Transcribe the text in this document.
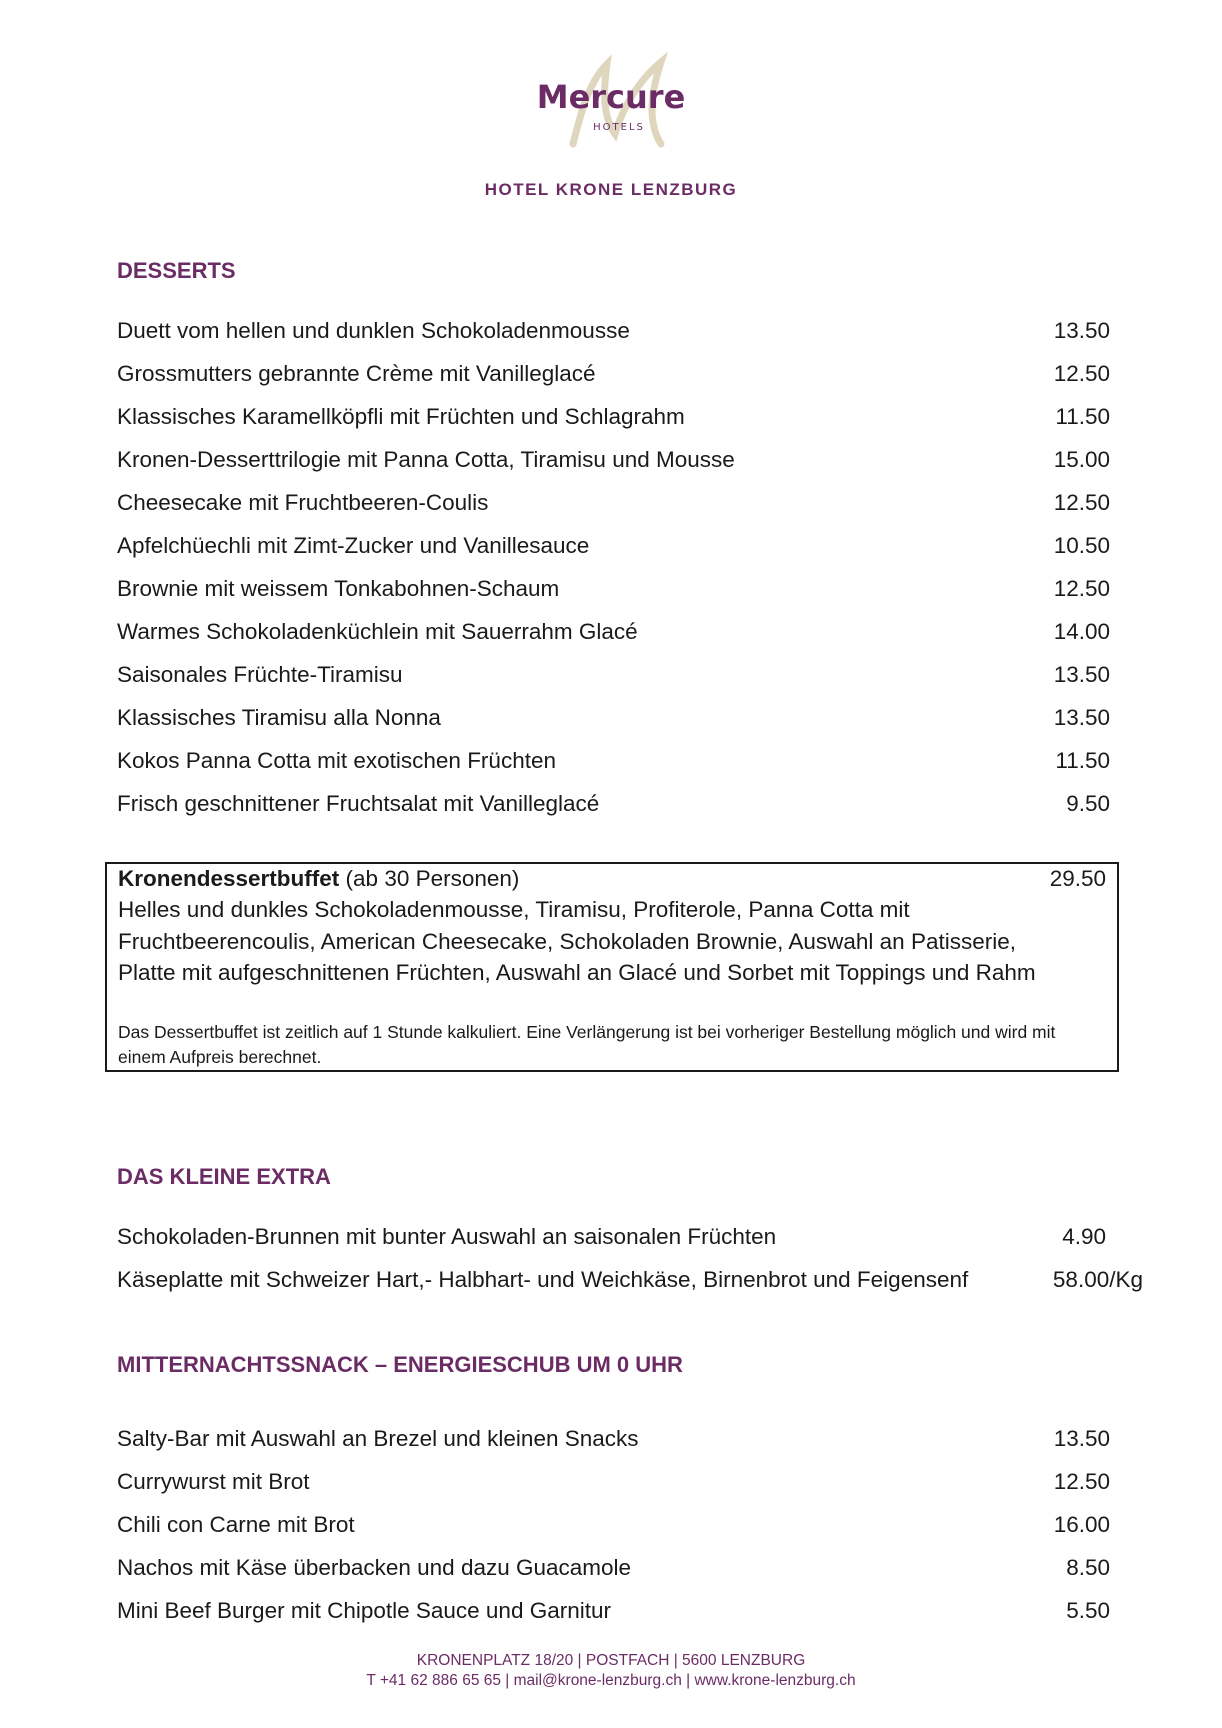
Mercure
HOTELS
HOTEL KRONE LENZBURG
DESSERTS
Duett vom hellen und dunklen Schokoladenmousse	13.50
Grossmutters gebrannte Crème mit Vanilleglacé	12.50
Klassisches Karamellköpfli mit Früchten und Schlagrahm	11.50
Kronen-Desserttrilogie mit Panna Cotta, Tiramisu und Mousse	15.00
Cheesecake mit Fruchtbeeren-Coulis	12.50
Apfelchüechli mit Zimt-Zucker und Vanillesauce	10.50
Brownie mit weissem Tonkabohnen-Schaum	12.50
Warmes Schokoladenküchlein mit Sauerrahm Glacé	14.00
Saisonales Früchte-Tiramisu	13.50
Klassisches Tiramisu alla Nonna	13.50
Kokos Panna Cotta mit exotischen Früchten	11.50
Frisch geschnittener Fruchtsalat mit Vanilleglacé	9.50
Kronendessertbuffet (ab 30 Personen)	29.50
Helles und dunkles Schokoladenmousse, Tiramisu, Profiterole, Panna Cotta mit Fruchtbeerencoulis, American Cheesecake, Schokoladen Brownie, Auswahl an Patisserie, Platte mit aufgeschnittenen Früchten, Auswahl an Glacé und Sorbet mit Toppings und Rahm
Das Dessertbuffet ist zeitlich auf 1 Stunde kalkuliert. Eine Verlängerung ist bei vorheriger Bestellung möglich und wird mit einem Aufpreis berechnet.
DAS KLEINE EXTRA
Schokoladen-Brunnen mit bunter Auswahl an saisonalen Früchten	4.90
Käseplatte mit Schweizer Hart,- Halbhart- und Weichkäse, Birnenbrot und Feigensenf	58.00/Kg
MITTERNACHTSSNACK – ENERGIESCHUB UM 0 UHR
Salty-Bar mit Auswahl an Brezel und kleinen Snacks	13.50
Currywurst mit Brot	12.50
Chili con Carne mit Brot	16.00
Nachos mit Käse überbacken und dazu Guacamole	8.50
Mini Beef Burger mit Chipotle Sauce und Garnitur	5.50
KRONENPLATZ 18/20 | POSTFACH | 5600 LENZBURG
T +41 62 886 65 65 | mail@krone-lenzburg.ch | www.krone-lenzburg.ch
